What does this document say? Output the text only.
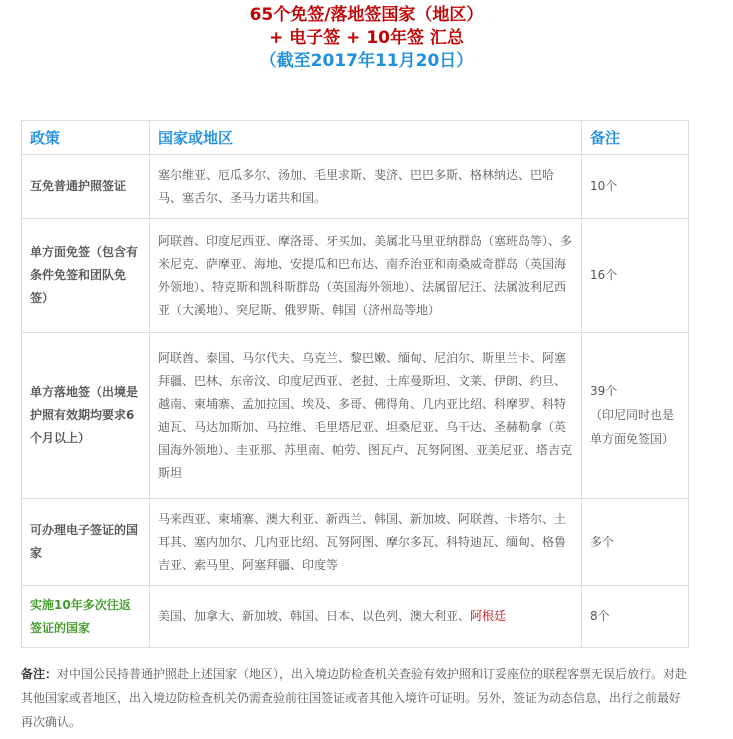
65个免签/落地签国家（地区）
+ 电子签 + 10年签 汇总
（截至2017年11月20日）
政策	国家或地区	备注
互免普通护照签证	塞尔维亚、厄瓜多尔、汤加、毛里求斯、斐济、巴巴多斯、格林纳达、巴哈马、塞舌尔、圣马力诺共和国。	10个
单方面免签（包含有条件免签和团队免签）	阿联酋、印度尼西亚、摩洛哥、牙买加、美属北马里亚纳群岛（塞班岛等）、多米尼克、萨摩亚、海地、安提瓜和巴布达、南乔治亚和南桑威奇群岛（英国海外领地）、特克斯和凯科斯群岛（英国海外领地）、法属留尼汪、法属波利尼西亚（大溪地）、突尼斯、俄罗斯、韩国（济州岛等地）	16个
单方落地签（出境是护照有效期均要求6个月以上）	阿联酋、泰国、马尔代夫、乌克兰、黎巴嫩、缅甸、尼泊尔、斯里兰卡、阿塞拜疆、巴林、东帝汶、印度尼西亚、老挝、土库曼斯坦、文莱、伊朗、约旦、越南、柬埔寨、孟加拉国、埃及、多哥、佛得角、几内亚比绍、科摩罗、科特迪瓦、马达加斯加、马拉维、毛里塔尼亚、坦桑尼亚、乌干达、圣赫勒拿（英国海外领地）、圭亚那、苏里南、帕劳、图瓦卢、瓦努阿图、亚美尼亚、塔吉克斯坦	39个
（印尼同时也是单方面免签国）

可办理电子签证的国家	马来西亚、柬埔寨、澳大利亚、新西兰、韩国、新加坡、阿联酋、卡塔尔、土耳其、塞内加尔、几内亚比绍、瓦努阿图、摩尔多瓦、科特迪瓦、缅甸、格鲁吉亚、索马里、阿塞拜疆、印度等	多个
实施10年多次往返签证的国家	美国、加拿大、新加坡、韩国、日本、以色列、澳大利亚、阿根廷	8个
备注：对中国公民持普通护照赴上述国家（地区），出入境边防检查机关查验有效护照和订妥座位的联程客票无误后放行。对赴其他国家或者地区，出入境边防检查机关仍需查验前往国签证或者其他入境许可证明。另外，签证为动态信息，出行之前最好再次确认。
